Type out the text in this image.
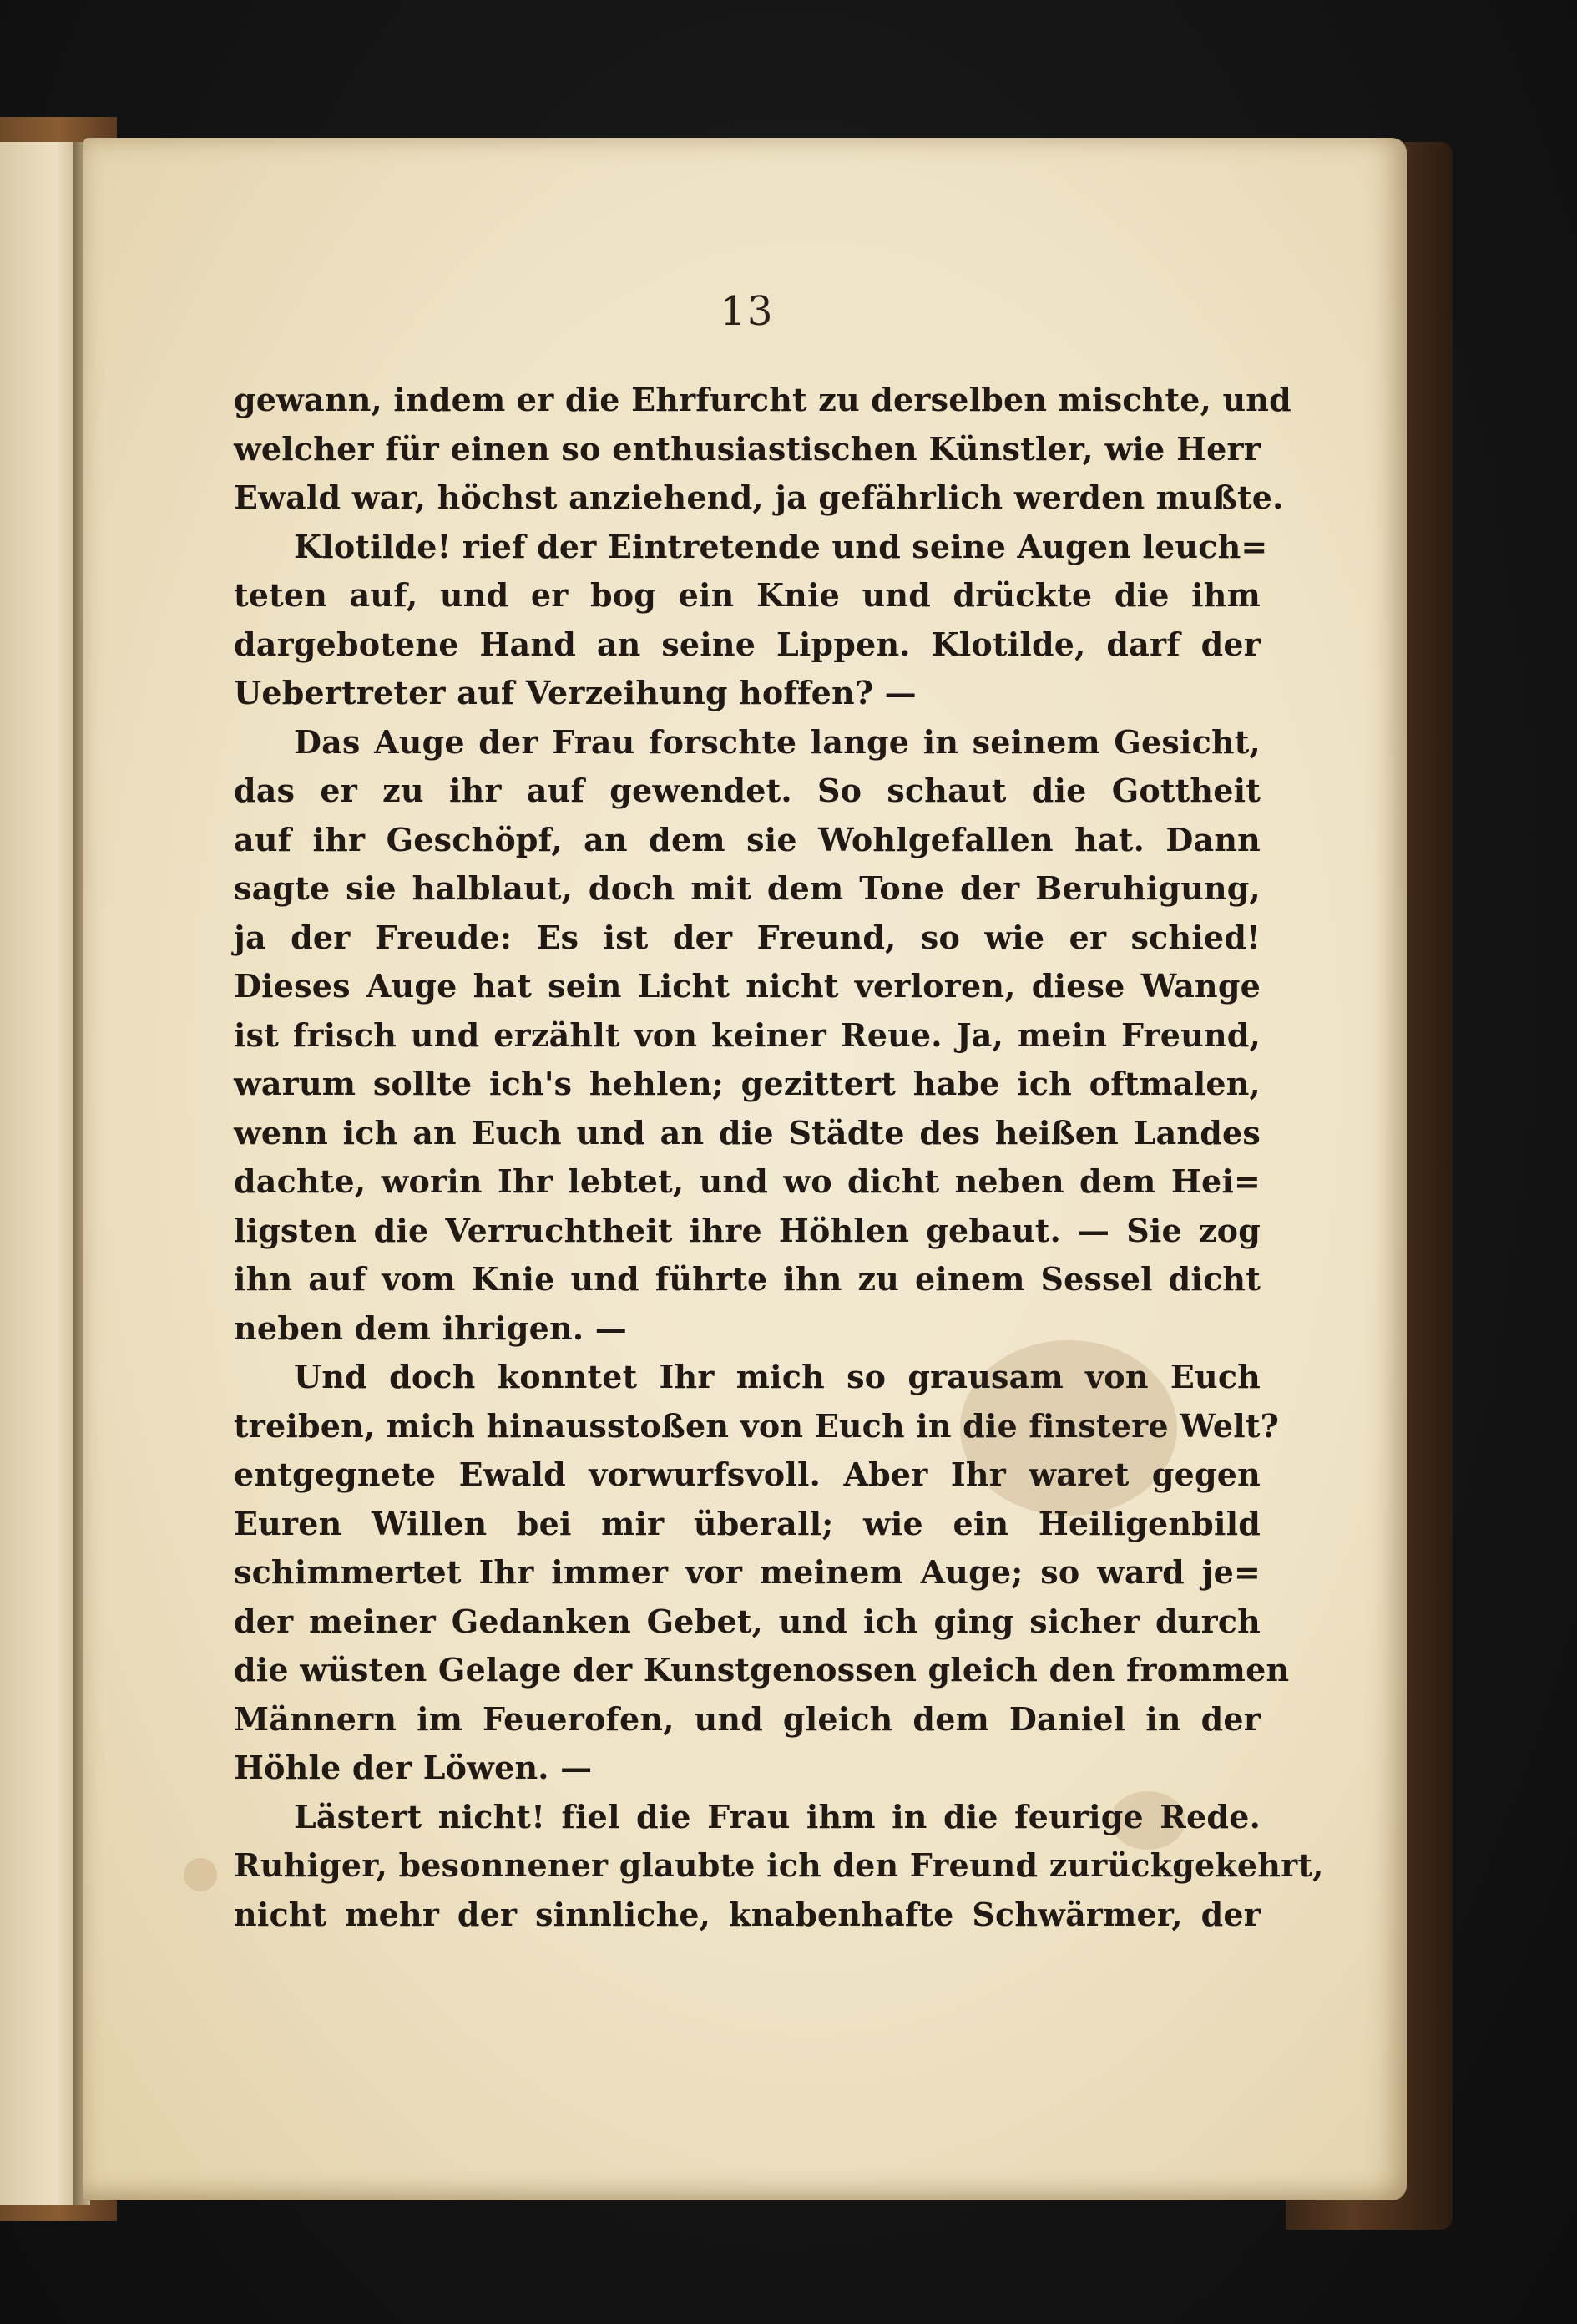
13
gewann, indem er die Ehrfurcht zu derselben mischte, und
welcher für einen so enthusiastischen Künstler, wie Herr
Ewald war, höchst anziehend, ja gefährlich werden mußte.
Klotilde! rief der Eintretende und seine Augen leuch=
teten auf, und er bog ein Knie und drückte die ihm
dargebotene Hand an seine Lippen. Klotilde, darf der
Uebertreter auf Verzeihung hoffen? —
Das Auge der Frau forschte lange in seinem Gesicht,
das er zu ihr auf gewendet. So schaut die Gottheit
auf ihr Geschöpf, an dem sie Wohlgefallen hat. Dann
sagte sie halblaut, doch mit dem Tone der Beruhigung,
ja der Freude: Es ist der Freund, so wie er schied!
Dieses Auge hat sein Licht nicht verloren, diese Wange
ist frisch und erzählt von keiner Reue. Ja, mein Freund,
warum sollte ich's hehlen; gezittert habe ich oftmalen,
wenn ich an Euch und an die Städte des heißen Landes
dachte, worin Ihr lebtet, und wo dicht neben dem Hei=
ligsten die Verruchtheit ihre Höhlen gebaut. — Sie zog
ihn auf vom Knie und führte ihn zu einem Sessel dicht
neben dem ihrigen. —
Und doch konntet Ihr mich so grausam von Euch
treiben, mich hinausstoßen von Euch in die finstere Welt?
entgegnete Ewald vorwurfsvoll. Aber Ihr waret gegen
Euren Willen bei mir überall; wie ein Heiligenbild
schimmertet Ihr immer vor meinem Auge; so ward je=
der meiner Gedanken Gebet, und ich ging sicher durch
die wüsten Gelage der Kunstgenossen gleich den frommen
Männern im Feuerofen, und gleich dem Daniel in der
Höhle der Löwen. —
Lästert nicht! fiel die Frau ihm in die feurige Rede.
Ruhiger, besonnener glaubte ich den Freund zurückgekehrt,
nicht mehr der sinnliche, knabenhafte Schwärmer, der
